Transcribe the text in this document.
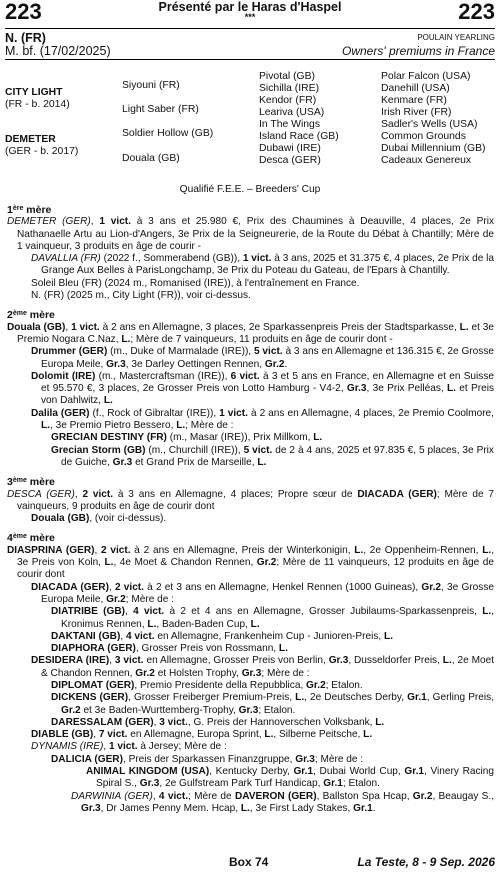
223	223
Présenté par le Haras d'Haspel
***
N. (FR)
M. bf. (17/02/2025)
POULAIN YEARLING
Owners' premiums in France
CITY LIGHT
(FR - b. 2014)
DEMETER
(GER - b. 2017)
Siyouni (FR)
Light Saber (FR)
Soldier Hollow (GB)
Douala (GB)
Pivotal (GB)
Sichilla (IRE)
Kendor (FR)
Leariva (USA)
In The Wings
Island Race (GB)
Dubawi (IRE)
Desca (GER)
Polar Falcon (USA)
Danehill (USA)
Kenmare (FR)
Irish River (FR)
Sadler's Wells (USA)
Common Grounds
Dubai Millennium (GB)
Cadeaux Genereux
Qualifié F.E.E. – Breeders' Cup
1ère mère
DEMETER (GER), 1 vict. à 3 ans et 25.980 €, Prix des Chaumines à Deauville, 4 places, 2e Prix Nathanaelle Artu au Lion-d'Angers, 3e Prix de la Seigneurerie, de la Route du Débat à Chantilly; Mère de 1 vainqueur, 3 produits en âge de courir -
DAVALLIA (FR) (2022 f., Sommerabend (GB)), 1 vict. à 3 ans, 2025 et 31.375 €, 4 places, 2e Prix de la Grange Aux Belles à ParisLongchamp, 3e Prix du Poteau du Gateau, de l'Epars à Chantilly.
Soleil Bleu (FR) (2024 m., Romanised (IRE)), à l'entraînement en France.
N. (FR) (2025 m., City Light (FR)), voir ci-dessus.
2ème mère
Douala (GB), 1 vict. à 2 ans en Allemagne, 3 places, 2e Sparkassenpreis Preis der Stadtsparkasse, L. et 3e Premio Nogara C.Naz, L.; Mère de 7 vainqueurs, 11 produits en âge de courir dont -
Drummer (GER) (m., Duke of Marmalade (IRE)), 5 vict. à 3 ans en Allemagne et 136.315 €, 2e Grosse Europa Meile, Gr.3, 3e Darley Oettingen Rennen, Gr.2.
Dolomit (IRE) (m., Mastercraftsman (IRE)), 6 vict. à 3 et 5 ans en France, en Allemagne et en Suisse et 95.570 €, 3 places, 2e Grosser Preis von Lotto Hamburg - V4-2, Gr.3, 3e Prix Pelléas, L. et Preis von Dahlwitz, L.
Dalila (GER) (f., Rock of Gibraltar (IRE)), 1 vict. à 2 ans en Allemagne, 4 places, 2e Premio Coolmore, L., 3e Premio Pietro Bessero, L.; Mère de :
GRECIAN DESTINY (FR) (m., Masar (IRE)), Prix Millkom, L.
Grecian Storm (GB) (m., Churchill (IRE)), 5 vict. de 2 à 4 ans, 2025 et 97.835 €, 5 places, 3e Prix de Guiche, Gr.3 et Grand Prix de Marseille, L.
3ème mère
DESCA (GER), 2 vict. à 3 ans en Allemagne, 4 places; Propre sœur de DIACADA (GER); Mère de 7 vainqueurs, 9 produits en âge de courir dont
Douala (GB), (voir ci-dessus).
4ème mère
DIASPRINA (GER), 2 vict. à 2 ans en Allemagne, Preis der Winterkonigin, L., 2e Oppenheim-Rennen, L., 3e Preis von Koln, L., 4e Moet & Chandon Rennen, Gr.2; Mère de 11 vainqueurs, 12 produits en âge de courir dont
DIACADA (GER), 2 vict. à 2 et 3 ans en Allemagne, Henkel Rennen (1000 Guineas), Gr.2, 3e Grosse Europa Meile, Gr.2; Mère de :
DIATRIBE (GB), 4 vict. à 2 et 4 ans en Allemagne, Grosser Jubilaums-Sparkassenpreis, L., Kronimus Rennen, L., Baden-Baden Cup, L.
DAKTANI (GB), 4 vict. en Allemagne, Frankenheim Cup - Junioren-Preis, L.
DIAPHORA (GER), Grosser Preis von Rossmann, L.
DESIDERA (IRE), 3 vict. en Allemagne, Grosser Preis von Berlin, Gr.3, Dusseldorfer Preis, L., 2e Moet & Chandon Rennen, Gr.2 et Holsten Trophy, Gr.3; Mère de :
DIPLOMAT (GER), Premio Presidente della Repubblica, Gr.2; Etalon.
DICKENS (GER), Grosser Freiberger Premium-Preis, L., 2e Deutsches Derby, Gr.1, Gerling Preis, Gr.2 et 3e Baden-Wurttemberg-Trophy, Gr.3; Etalon.
DARESSALAM (GER), 3 vict., G. Preis der Hannoverschen Volksbank, L.
DIABLE (GB), 7 vict. en Allemagne, Europa Sprint, L., Silberne Peitsche, L.
DYNAMIS (IRE), 1 vict. à Jersey; Mère de :
DALICIA (GER), Preis der Sparkassen Finanzgruppe, Gr.3; Mère de :
ANIMAL KINGDOM (USA), Kentucky Derby, Gr.1, Dubai World Cup, Gr.1, Vinery Racing Spiral S., Gr.3, 2e Gulfstream Park Turf Handicap, Gr.1; Etalon.
DARWINIA (GER), 4 vict.; Mère de DAVERON (GER), Ballston Spa Hcap, Gr.2, Beaugay S., Gr.3, Dr James Penny Mem. Hcap, L., 3e First Lady Stakes, Gr.1.
Box 74	La Teste, 8 - 9 Sep. 2026
